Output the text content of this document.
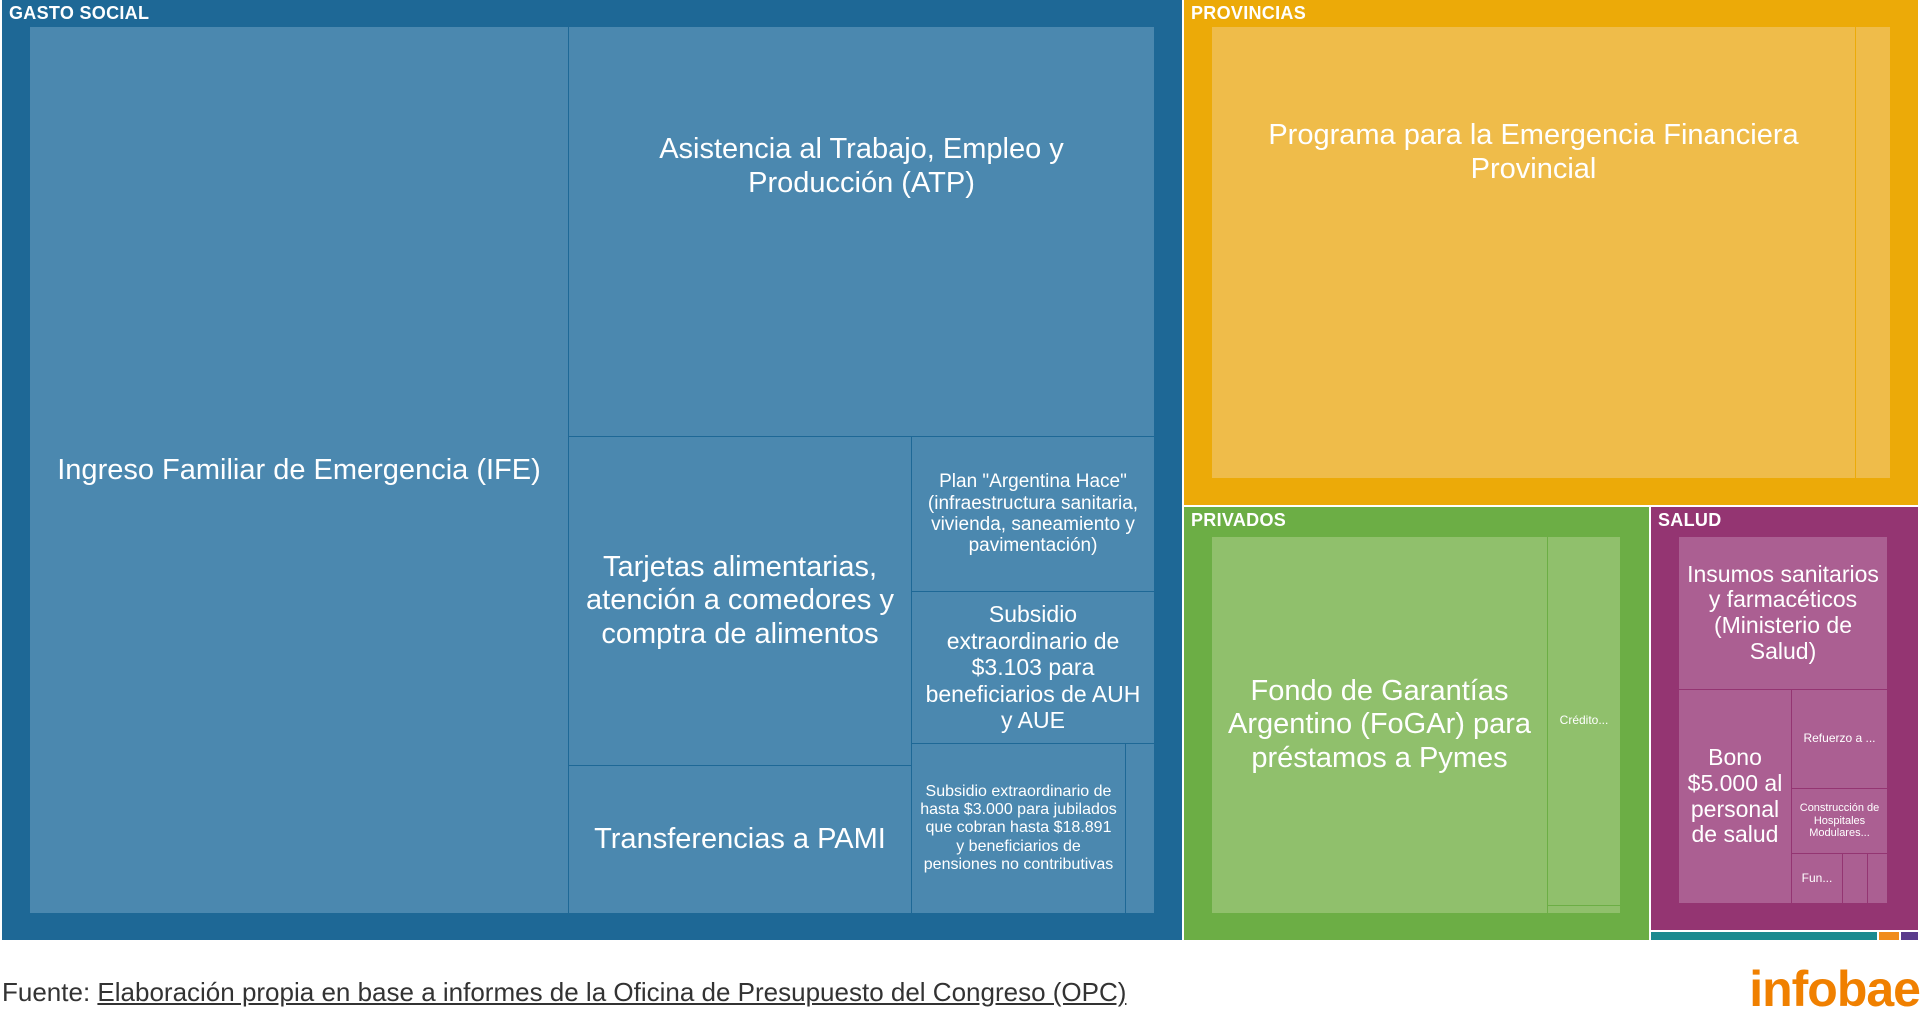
GASTO SOCIAL
Ingreso Familiar de Emergencia (IFE)
Asistencia al Trabajo, Empleo y Producción (ATP)
Tarjetas alimentarias, atención a comedores y comptra de alimentos
Transferencias a PAMI
Plan "Argentina Hace" (infraestructura sanitaria, vivienda, saneamiento y pavimentación)
Subsidio extraordinario de $3.103 para beneficiarios de AUH y AUE
Subsidio extraordinario de hasta $3.000 para jubilados que cobran hasta $18.891 y beneficiarios de pensiones no contributivas
PROVINCIAS
Programa para la Emergencia Financiera Provincial
PRIVADOS
Fondo de Garantías Argentino (FoGAr) para préstamos a Pymes
Crédito...
SALUD
Insumos sanitarios y farmacéticos (Ministerio de Salud)
Bono $5.000 al personal de salud
Refuerzo a ...
Construcción de Hospitales Modulares...
Fun...
Fuente: Elaboración propia en base a informes de la Oficina de Presupuesto del Congreso (OPC)	infobae
